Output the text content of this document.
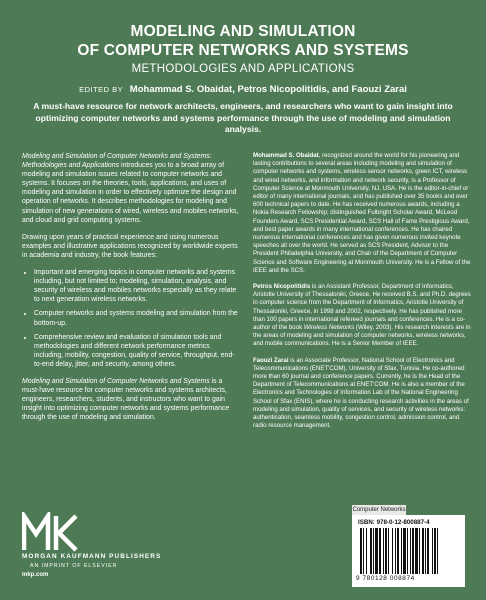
MODELING AND SIMULATION
OF COMPUTER NETWORKS AND SYSTEMS
METHODOLOGIES AND APPLICATIONS
EDITED BY Mohammad S. Obaidat, Petros Nicopolitidis, and Faouzi Zarai
A must-have resource for network architects, engineers, and researchers who want to gain insight into optimizing computer networks and systems performance through the use of modeling and simulation analysis.

Modeling and Simulation of Computer Networks and Systems: Methodologies and Applications introduces you to a broad array of modeling and simulation issues related to computer networks and systems. It focuses on the theories, tools, applications, and uses of modeling and simulation in order to effectively optimize the design and operation of networks. It describes methodologies for modeling and simulation of new generations of wired, wireless and mobiles networks, and cloud and grid computing systems.

Drawing upon years of practical experience and using numerous examples and illustrative applications recognized by worldwide experts in academia and industry, the book features:

• Important and emerging topics in computer networks and systems including, but not limited to; modeling, simulation, analysis, and security of wireless and mobiles networks especially as they relate to next generation wireless networks.
• Computer networks and systems modeling and simulation from the bottom-up.
• Comprehensive review and evaluation of simulation tools and methodologies and different network performance metrics including, mobility, congestion, quality of service, throughput, end-to-end delay, jitter, and security, among others.

Modeling and Simulation of Computer Networks and Systems is a must-have resource for computer networks and systems architects, engineers, researchers, students, and instructors who want to gain insight into optimizing computer networks and systems performance through the use of modeling and simulation.

Mohammad S. Obaidat, recognized around the world for his pioneering and lasting contributions to several areas including modeling and simulation of computer networks and systems, wireless sensor networks, green ICT, wireless and wired networks, and information and network security, is a Professor of Computer Science at Monmouth University, NJ, USA. He is the editor-in-chief or editor of many international journals, and has published over 35 books and over 600 technical papers to date. He has received numerous awards, including a Nokia Research Fellowship; distinguished Fulbright Scholar Award, McLeod Founders Award, SCS Presidential Award, SCS Hall of Fame Prestigious Award, and best paper awards in many international conferences. He has chaired numerous international conferences and has given numerous invited keynote speeches all over the world. He served as SCS President, Advisor to the President Philadelphia University, and Chair of the Department of Computer Science and Software Engineering at Monmouth University. He is a Fellow of the IEEE and the SCS.

Petros Nicopolitidis is an Assistant Professor, Department of Informatics, Aristotle University of Thessaloniki, Greece. He received B.S. and Ph.D. degrees in computer science from the Department of Informatics, Aristotle University of Thessaloniki, Greece, in 1998 and 2002, respectively. He has published more than 100 papers in international refereed journals and conferences. He is a co-author of the book Wireless Networks (Wiley, 2003). His research interests are in the areas of modeling and simulation of computer networks, wireless networks, and mobile communications. He is a Senior Member of IEEE.

Faouzi Zarai is an Associate Professor, National School of Electronics and Telecommunications (ENET'COM), University of Sfax, Tunisia. He co-authored more than 60 journal and conference papers. Currently, he is the Head of the Department of Telecommunications at ENET'COM. He is also a member of the Electronics and Technologies of Information Lab of the National Engineering School of Sfax (ENIS), where he is conducting research activities in the areas of modeling and simulation, quality of services, and security of wireless networks: authentication, seamless mobility, congestion control, admission control, and radio resource management.

MORGAN KAUFMANN PUBLISHERS
AN IMPRINT OF ELSEVIER
mkp.com
Computer Networks
ISBN: 978-0-12-800887-4
9 780128 008874
